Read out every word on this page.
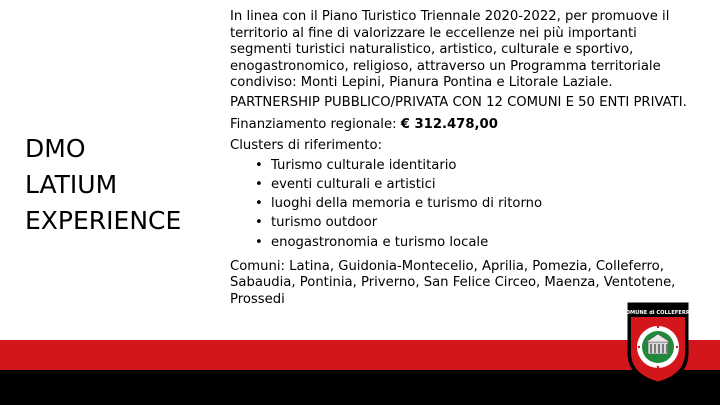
DMO
LATIUM
EXPERIENCE

In linea con il Piano Turistico Triennale 2020-2022, per promuove il
territorio al fine di valorizzare le eccellenze nei più importanti
segmenti turistici naturalistico, artistico, culturale e sportivo,
enogastronomico, religioso, attraverso un Programma territoriale
condiviso: Monti Lepini, Pianura Pontina e Litorale Laziale.

PARTNERSHIP PUBBLICO/PRIVATA CON 12 COMUNI E 50 ENTI PRIVATI.

Finanziamento regionale: € 312.478,00

Clusters di riferimento:

• Turismo culturale identitario
• eventi culturali e artistici
• luoghi della memoria e turismo di ritorno
• turismo outdoor
• enogastronomia e turismo locale

Comuni: Latina, Guidonia-Montecelio, Aprilia, Pomezia, Colleferro, Sabaudia, Pontinia, Priverno, San Felice Circeo, Maenza, Ventotene, Prossedi

COMUNE di COLLEFERRO
